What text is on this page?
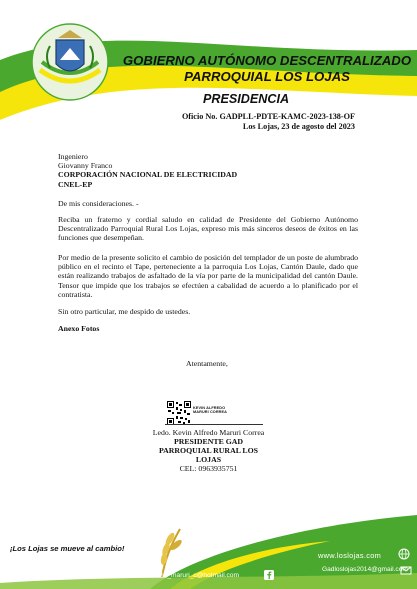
GOBIERNO AUTÓNOMO DESCENTRALIZADO
PARROQUIAL LOS LOJAS
PRESIDENCIA
Oficio No. GADPLL-PDTE-KAMC-2023-138-OF
Los Lojas, 23 de agosto del 2023
Ingeniero
Giovanny Franco
CORPORACIÓN NACIONAL DE ELECTRICIDAD
CNEL-EP
De mis consideraciones. -
Reciba un fraterno y cordial saludo en calidad de Presidente del Gobierno Autónomo Descentralizado Parroquial Rural Los Lojas, expreso mis más sinceros deseos de éxitos en las funciones que desempeñan.
Por medio de la presente solicito el cambio de posición del templador de un poste de alumbrado público en el recinto el Tape, perteneciente a la parroquia Los Lojas, Cantón Daule, dado que están realizando trabajos de asfaltado de la vía por parte de la municipalidad del cantón Daule. Tensor que impide que los trabajos se efectúen a cabalidad de acuerdo a lo planificado por el contratista.
Sin otro particular, me despido de ustedes.
Anexo Fotos
Atentamente,
KEVIN ALFREDO
MARURI CORREA
Ledo. Kevin Alfredo Maruri Correa
PRESIDENTE GAD
PARROQUIAL RURAL LOS
LOJAS
CEL: 0963935751
¡Los Lojas se mueve al cambio!
www.loslojas.com
Gadloslojas2014@gmail.com
kevin_maruri_c@hotmail.com
